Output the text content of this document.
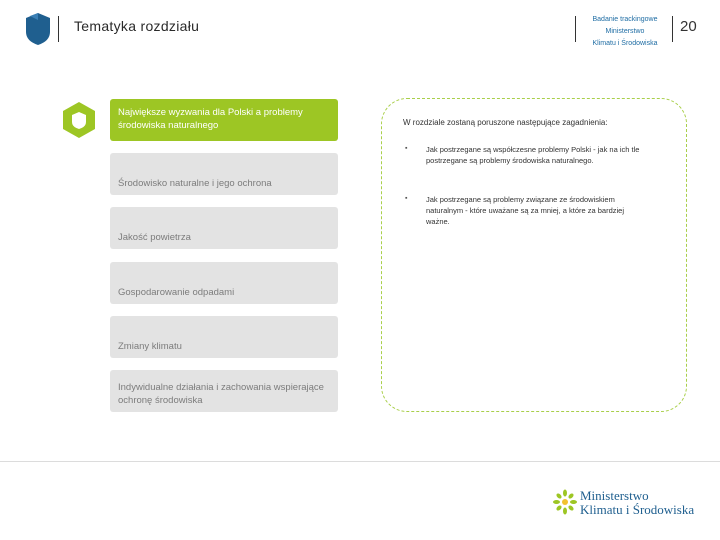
Tematyka rozdziału	Badanie trackingowe
Ministerstwo
Klimatu i Środowiska
20
Największe wyzwania dla Polski a problemy środowiska naturalnego
Środowisko naturalne i jego ochrona
Jakość powietrza
Gospodarowanie odpadami
Zmiany klimatu
Indywidualne działania i zachowania wspierające ochronę środowiska
W rozdziale zostaną poruszone następujące zagadnienia:
▪ Jak postrzegane są współczesne problemy Polski - jak na ich tle postrzegane są problemy środowiska naturalnego.
▪ Jak postrzegane są problemy związane ze środowiskiem naturalnym - które uważane są za mniej, a które za bardziej ważne.
Ministerstwo
Klimatu i Środowiska
